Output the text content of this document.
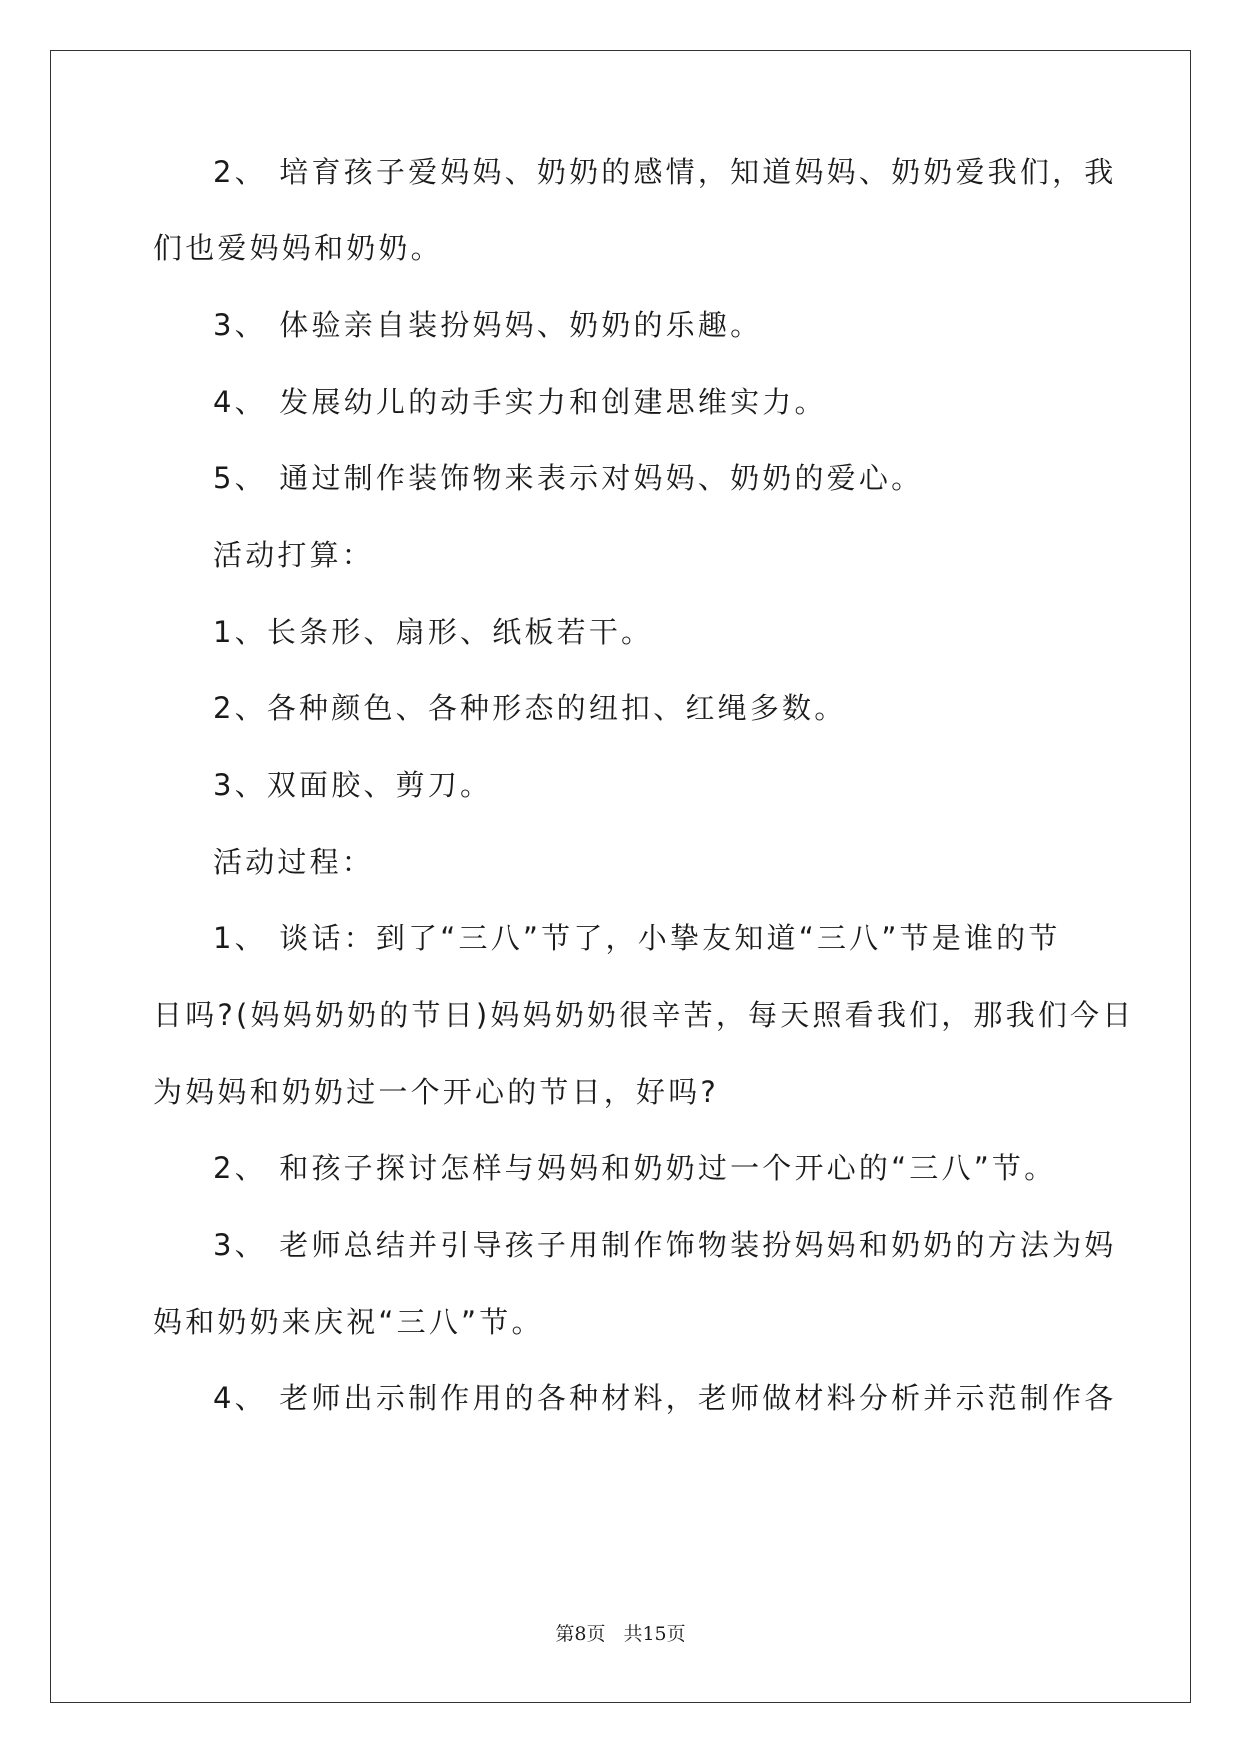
2、 培育孩子爱妈妈、奶奶的感情，知道妈妈、奶奶爱我们，我
们也爱妈妈和奶奶。
3、 体验亲自装扮妈妈、奶奶的乐趣。
4、 发展幼儿的动手实力和创建思维实力。
5、 通过制作装饰物来表示对妈妈、奶奶的爱心。
活动打算：
1、长条形、扇形、纸板若干。
2、各种颜色、各种形态的纽扣、红绳多数。
3、双面胶、剪刀。
活动过程：
1、 谈话：到了“三八”节了，小挚友知道“三八”节是谁的节
日吗?(妈妈奶奶的节日)妈妈奶奶很辛苦，每天照看我们，那我们今日
为妈妈和奶奶过一个开心的节日，好吗?
2、 和孩子探讨怎样与妈妈和奶奶过一个开心的“三八”节。
3、 老师总结并引导孩子用制作饰物装扮妈妈和奶奶的方法为妈
妈和奶奶来庆祝“三八”节。
4、 老师出示制作用的各种材料，老师做材料分析并示范制作各
第8页 共15页
